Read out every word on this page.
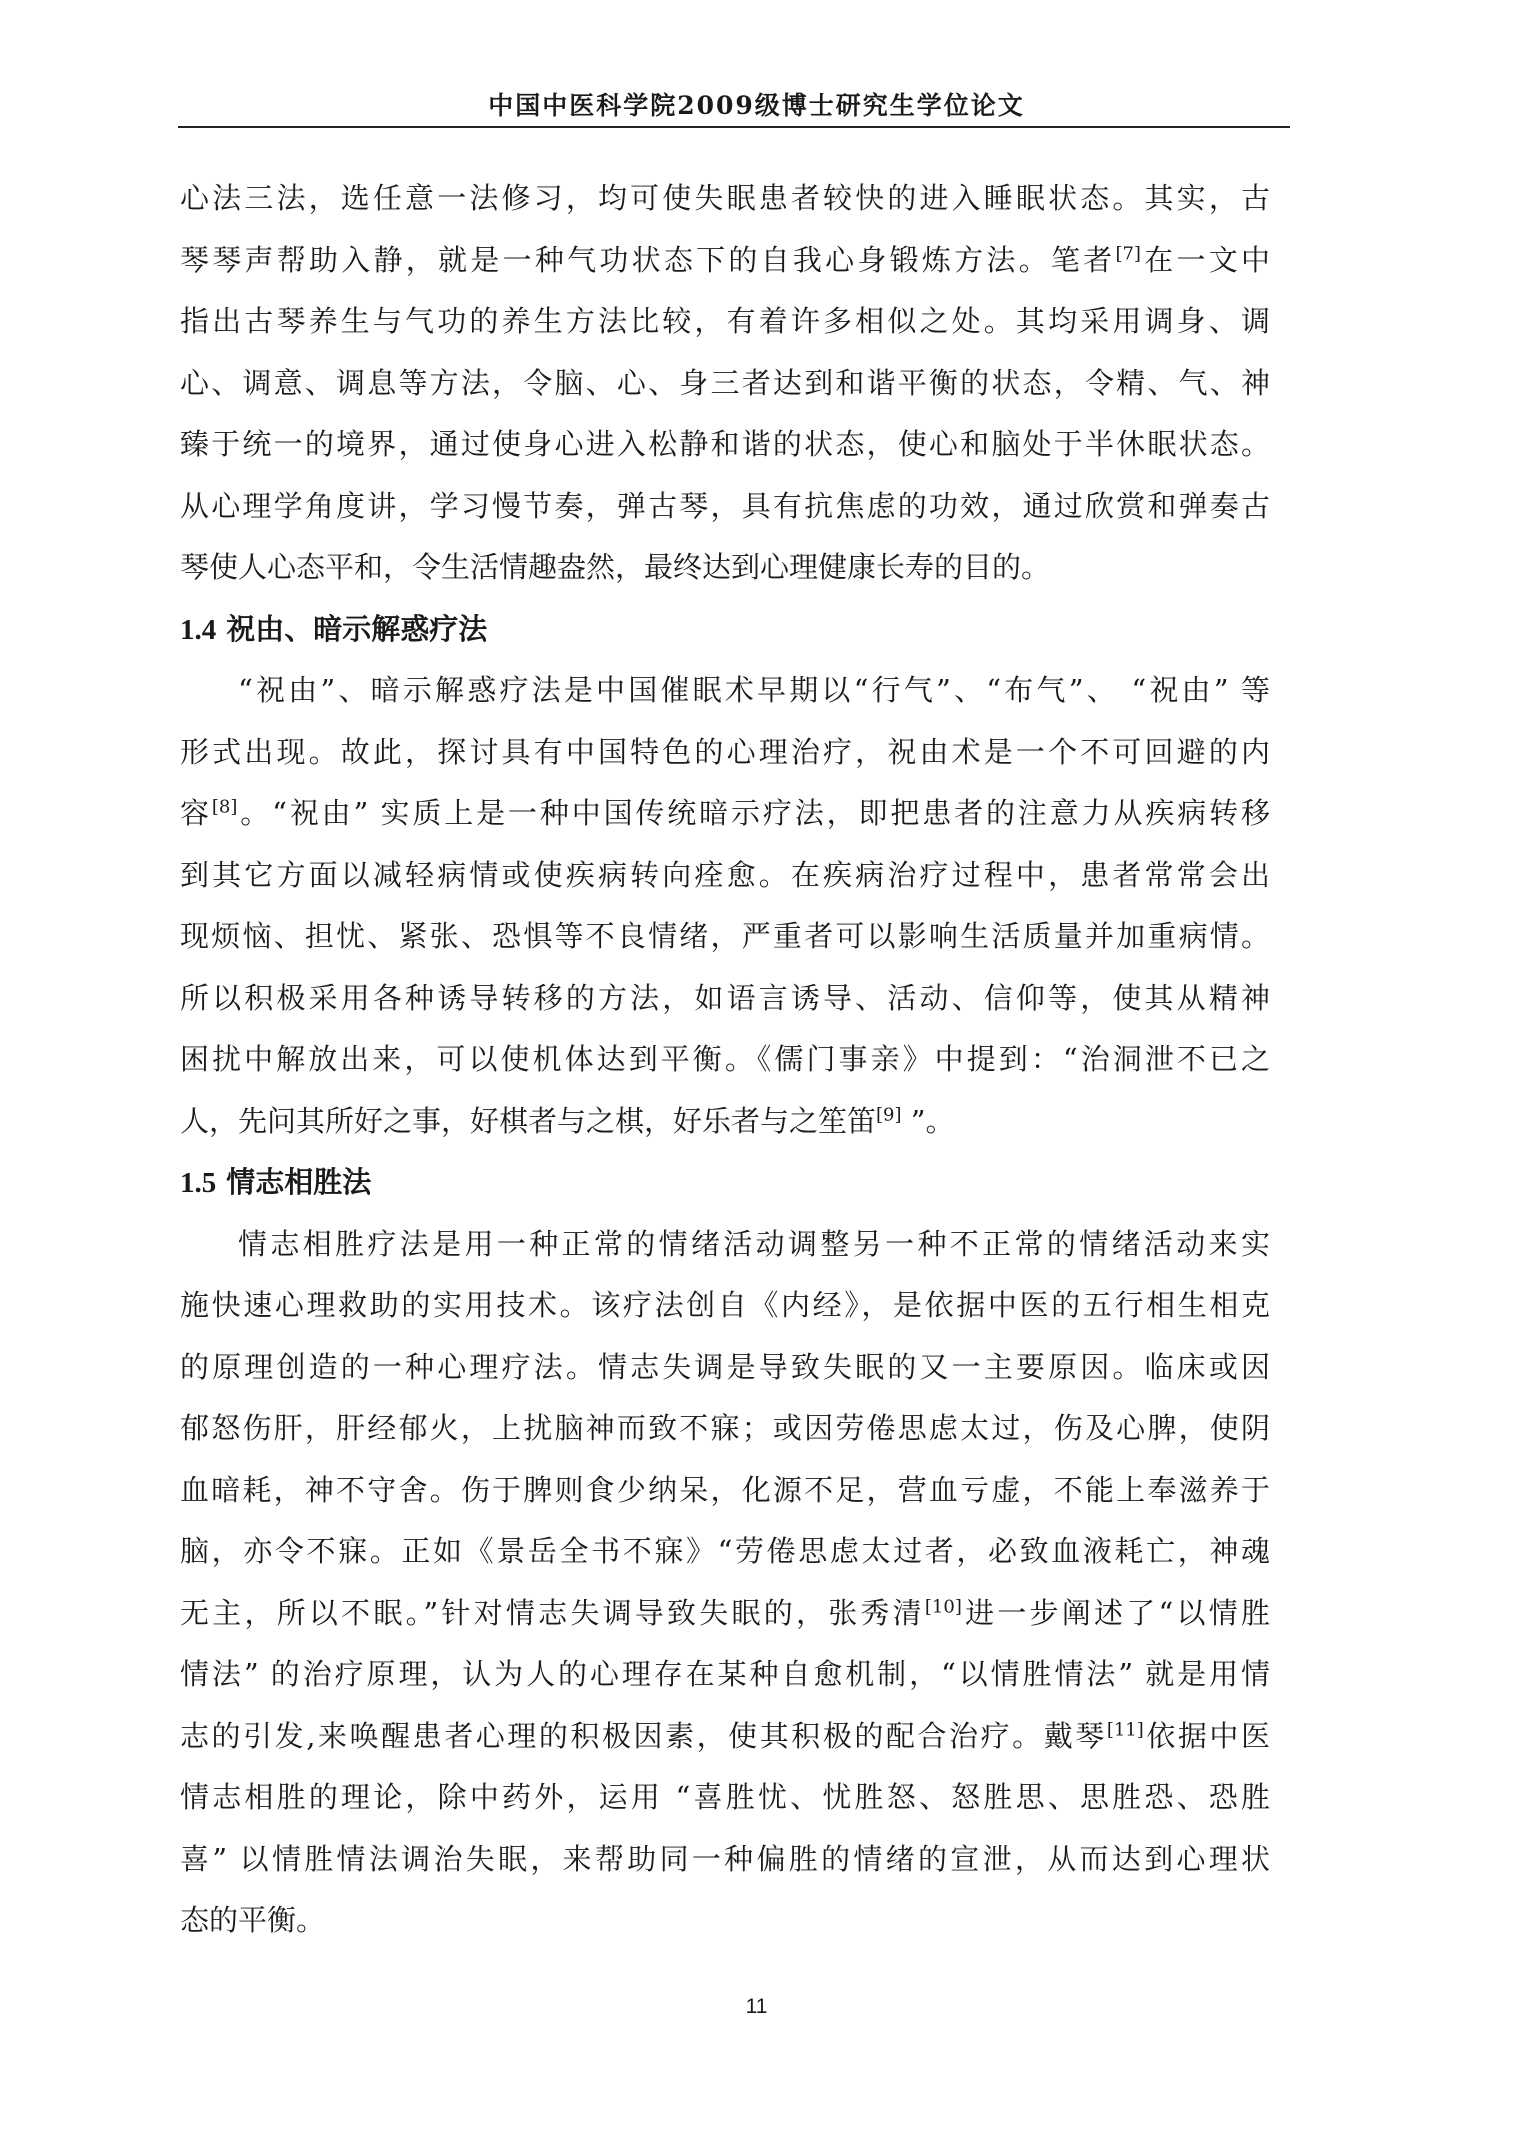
中国中医科学院2009级博士研究生学位论文
心法三法，选任意一法修习，均可使失眠患者较快的进入睡眠状态。其实，古
琴琴声帮助入静，就是一种气功状态下的自我心身锻炼方法。笔者[7]在一文中
指出古琴养生与气功的养生方法比较，有着许多相似之处。其均采用调身、调
心、调意、调息等方法，令脑、心、身三者达到和谐平衡的状态，令精、气、神
臻于统一的境界，通过使身心进入松静和谐的状态，使心和脑处于半休眠状态。
从心理学角度讲，学习慢节奏，弹古琴，具有抗焦虑的功效，通过欣赏和弹奏古
琴使人心态平和，令生活情趣盎然，最终达到心理健康长寿的目的。
1.4 祝由、暗示解惑疗法
“祝由”、暗示解惑疗法是中国催眠术早期以“行气”、“布气”、 “祝由” 等
形式出现。故此，探讨具有中国特色的心理治疗，祝由术是一个不可回避的内
容[8]。“祝由” 实质上是一种中国传统暗示疗法，即把患者的注意力从疾病转移
到其它方面以减轻病情或使疾病转向痊愈。在疾病治疗过程中，患者常常会出
现烦恼、担忧、紧张、恐惧等不良情绪，严重者可以影响生活质量并加重病情。
所以积极采用各种诱导转移的方法，如语言诱导、活动、信仰等，使其从精神
困扰中解放出来，可以使机体达到平衡。《儒门事亲》中提到：“治洞泄不已之
人，先问其所好之事，好棋者与之棋，好乐者与之笙笛[9] ”。
1.5 情志相胜法
情志相胜疗法是用一种正常的情绪活动调整另一种不正常的情绪活动来实
施快速心理救助的实用技术。该疗法创自《内经》，是依据中医的五行相生相克
的原理创造的一种心理疗法。情志失调是导致失眠的又一主要原因。临床或因
郁怒伤肝，肝经郁火，上扰脑神而致不寐；或因劳倦思虑太过，伤及心脾，使阴
血暗耗，神不守舍。伤于脾则食少纳呆，化源不足，营血亏虚，不能上奉滋养于
脑，亦令不寐。正如《景岳全书不寐》“劳倦思虑太过者，必致血液耗亡，神魂
无主，所以不眠。”针对情志失调导致失眠的，张秀清[10]进一步阐述了“以情胜
情法” 的治疗原理，认为人的心理存在某种自愈机制，“以情胜情法” 就是用情
志的引发,来唤醒患者心理的积极因素，使其积极的配合治疗。戴琴[11]依据中医
情志相胜的理论，除中药外，运用 “喜胜忧、忧胜怒、怒胜思、思胜恐、恐胜
喜” 以情胜情法调治失眠，来帮助同一种偏胜的情绪的宣泄，从而达到心理状
态的平衡。
11
